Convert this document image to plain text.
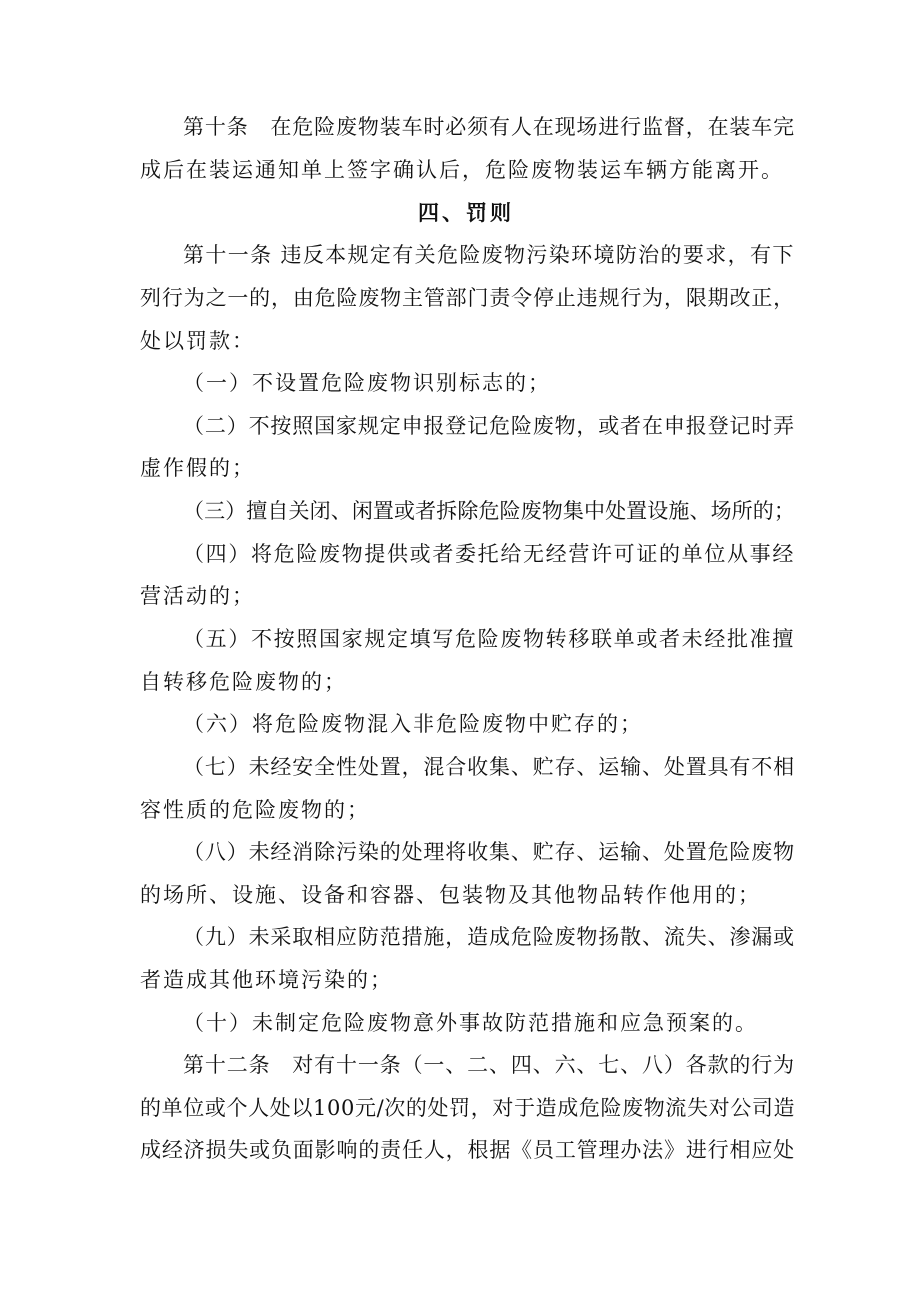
第十条　在危险废物装车时必须有人在现场进行监督，在装车完
成后在装运通知单上签字确认后，危险废物装运车辆方能离开。
四、罚则
第十一条 违反本规定有关危险废物污染环境防治的要求，有下
列行为之一的，由危险废物主管部门责令停止违规行为，限期改正，
处以罚款：
（一）不设置危险废物识别标志的；
（二）不按照国家规定申报登记危险废物，或者在申报登记时弄
虚作假的；
（三）擅自关闭、闲置或者拆除危险废物集中处置设施、场所的；
（四）将危险废物提供或者委托给无经营许可证的单位从事经
营活动的；
（五）不按照国家规定填写危险废物转移联单或者未经批准擅
自转移危险废物的；
（六）将危险废物混入非危险废物中贮存的；
（七）未经安全性处置，混合收集、贮存、运输、处置具有不相
容性质的危险废物的；
（八）未经消除污染的处理将收集、贮存、运输、处置危险废物
的场所、设施、设备和容器、包装物及其他物品转作他用的；
（九）未采取相应防范措施，造成危险废物扬散、流失、渗漏或
者造成其他环境污染的；
（十）未制定危险废物意外事故防范措施和应急预案的。
第十二条　对有十一条（一、二、四、六、七、八）各款的行为
的单位或个人处以100元/次的处罚，对于造成危险废物流失对公司造
成经济损失或负面影响的责任人，根据《员工管理办法》进行相应处
